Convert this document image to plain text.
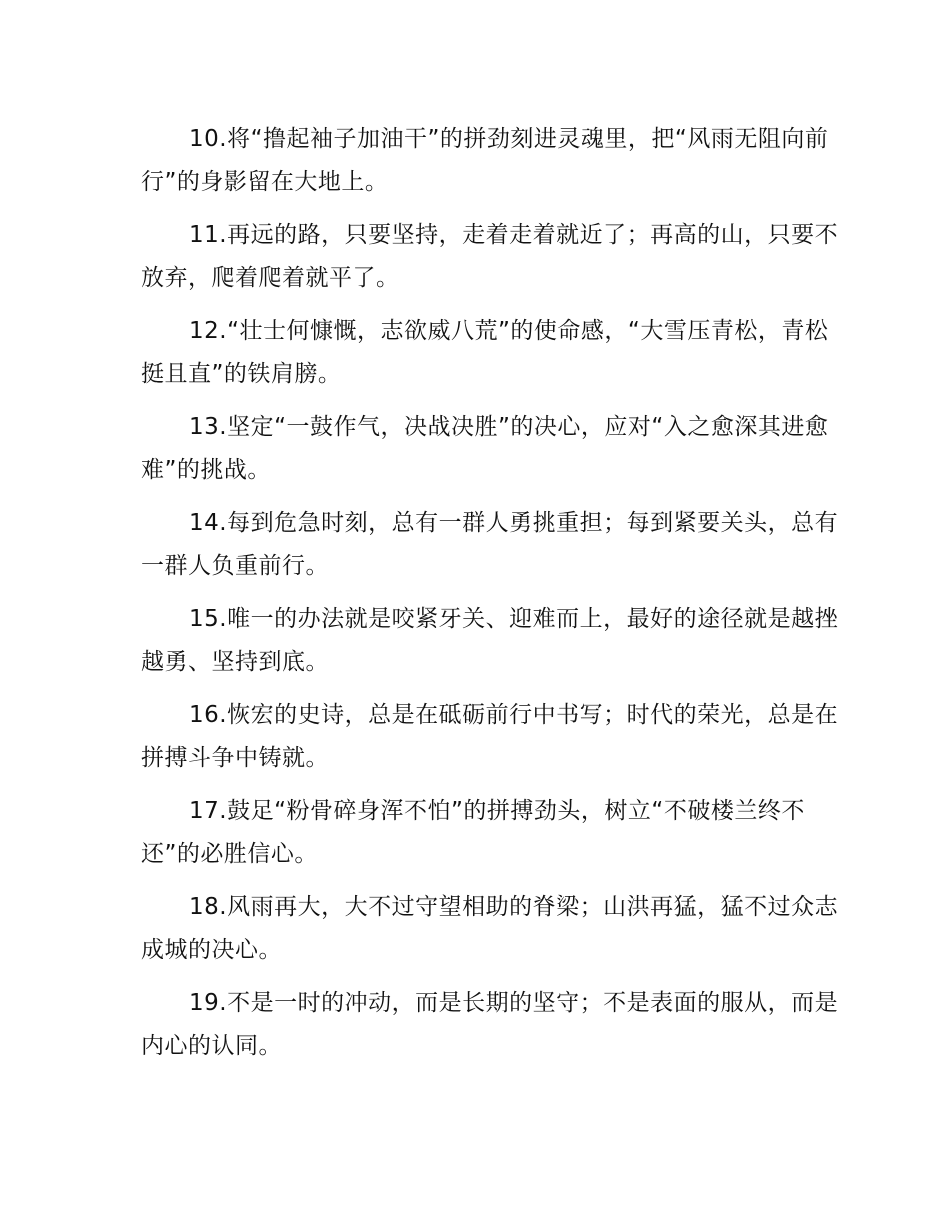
10.将“撸起袖子加油干”的拼劲刻进灵魂里，把“风雨无阻向前行”的身影留在大地上。

11.再远的路，只要坚持，走着走着就近了；再高的山，只要不放弃，爬着爬着就平了。

12.“壮士何慷慨，志欲威八荒”的使命感，“大雪压青松，青松挺且直”的铁肩膀。

13.坚定“一鼓作气，决战决胜”的决心，应对“入之愈深其进愈难”的挑战。

14.每到危急时刻，总有一群人勇挑重担；每到紧要关头，总有一群人负重前行。

15.唯一的办法就是咬紧牙关、迎难而上，最好的途径就是越挫越勇、坚持到底。

16.恢宏的史诗，总是在砥砺前行中书写；时代的荣光，总是在拼搏斗争中铸就。

17.鼓足“粉骨碎身浑不怕”的拼搏劲头，树立“不破楼兰终不还”的必胜信心。

18.风雨再大，大不过守望相助的脊梁；山洪再猛，猛不过众志成城的决心。

19.不是一时的冲动，而是长期的坚守；不是表面的服从，而是内心的认同。
